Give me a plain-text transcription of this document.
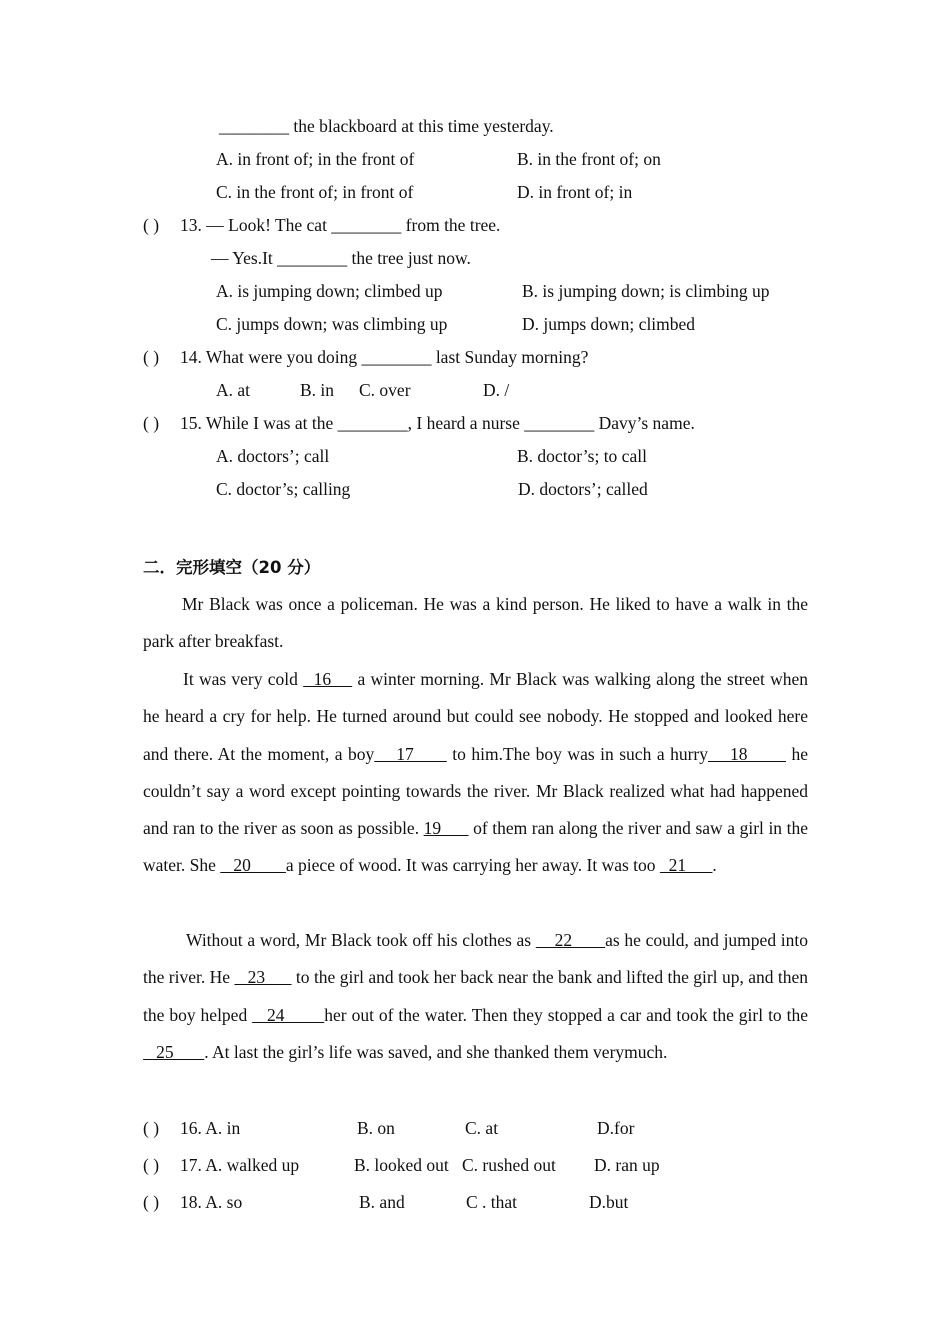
________ the blackboard at this time yesterday.
A. in front of; in the front of	B. in the front of; on
C. in the front of; in front of	D. in front of; in
( ) 13. — Look! The cat ________ from the tree.
— Yes.It ________ the tree just now.
A. is jumping down; climbed up	B. is jumping down; is climbing up
C. jumps down; was climbing up	D. jumps down; climbed
( ) 14. What were you doing ________ last Sunday morning?
A. at	B. in C. over	D. /
( ) 15. While I was at the ________, I heard a nurse ________ Davy’s name.
A. doctors’; call	B. doctor’s; to call
C. doctor’s; calling	D. doctors’; called
二．完形填空（20 分）
Mr Black was once a policeman. He was a kind person. He liked to have a walk in the park after breakfast.
It was very cold   16     a winter morning. Mr Black was walking along the street when he heard a cry for help. He turned around but could see nobody. He stopped and looked here and there. At the moment, a boy    17       to him.The boy was in such a hurry    18        he couldn’t say a word except pointing towards the river. Mr Black realized what had happened and ran to the river as soon as possible. 19       of them ran along the river and saw a girl in the water. She    20        a piece of wood. It was carrying her away. It was too   21      .
Without a word, Mr Black took off his clothes as     22       as he could, and jumped into the river. He    23       to the girl and took her back near the bank and lifted the girl up, and then the boy helped    24        her out of the water. Then they stopped a car and took the girl to the    25       . At last the girl’s life was saved, and she thanked them verymuch.
( ) 16. A. in	B. on	C. at	D.for
( ) 17. A. walked up	B. looked out C. rushed out D. ran up
( ) 18. A. so	B. and	C . that	D.but
